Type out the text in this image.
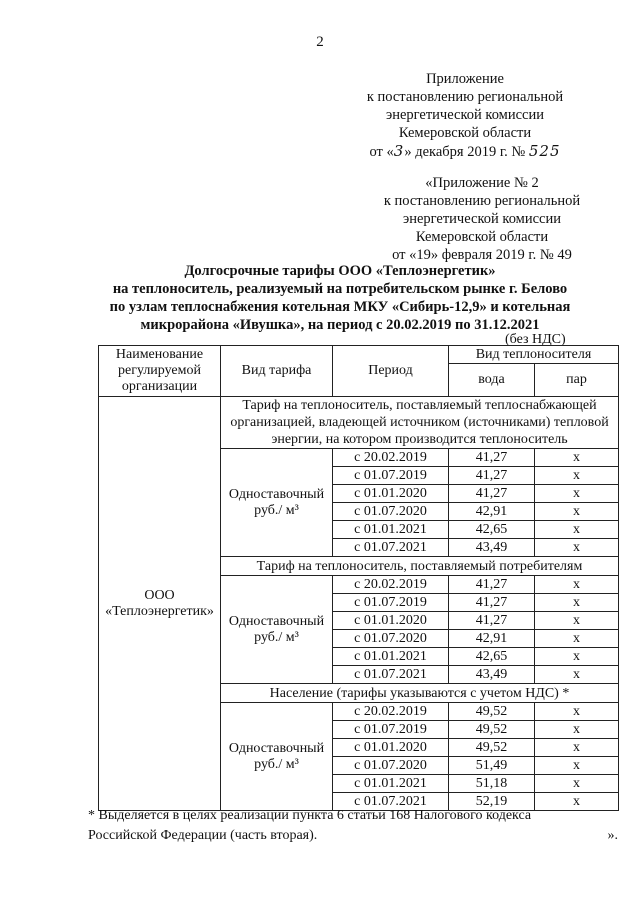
2
Приложение
к постановлению региональной
энергетической комиссии
Кемеровской области
от «3» декабря 2019 г. № 525
«Приложение № 2
к постановлению региональной
энергетической комиссии
Кемеровской области
от «19» февраля 2019 г. № 49
Долгосрочные тарифы ООО «Теплоэнергетик»
на теплоноситель, реализуемый на потребительском рынке г. Белово
по узлам теплоснабжения котельная МКУ «Сибирь-12,9» и котельная
микрорайона «Ивушка», на период с 20.02.2019 по 31.12.2021
(без НДС)
Наименование регулируемой организации	Вид тарифа	Период	Вид теплоносителя	
			вода	пар
ООО «Теплоэнергетик»	Тариф на теплоноситель, поставляемый теплоснабжающей организацией, владеющей источником (источниками) тепловой энергии, на котором производится теплоноситель			
	Одноставочный руб./ м³	с 20.02.2019	41,27	x
		с 01.07.2019	41,27	x
		с 01.01.2020	41,27	x
		с 01.07.2020	42,91	x
		с 01.01.2021	42,65	x
		с 01.07.2021	43,49	x
	Тариф на теплоноситель, поставляемый потребителям			
	Одноставочный руб./ м³	с 20.02.2019	41,27	x
		с 01.07.2019	41,27	x
		с 01.01.2020	41,27	x
		с 01.07.2020	42,91	x
		с 01.01.2021	42,65	x
		с 01.07.2021	43,49	x
	Население (тарифы указываются с учетом НДС) *			
	Одноставочный руб./ м³	с 20.02.2019	49,52	x
		с 01.07.2019	49,52	x
		с 01.01.2020	49,52	x
		с 01.07.2020	51,49	x
		с 01.01.2021	51,18	x
		с 01.07.2021	52,19	x
* Выделяется в целях реализации пункта 6 статьи 168 Налогового кодекса
Российской Федерации (часть вторая).	».
